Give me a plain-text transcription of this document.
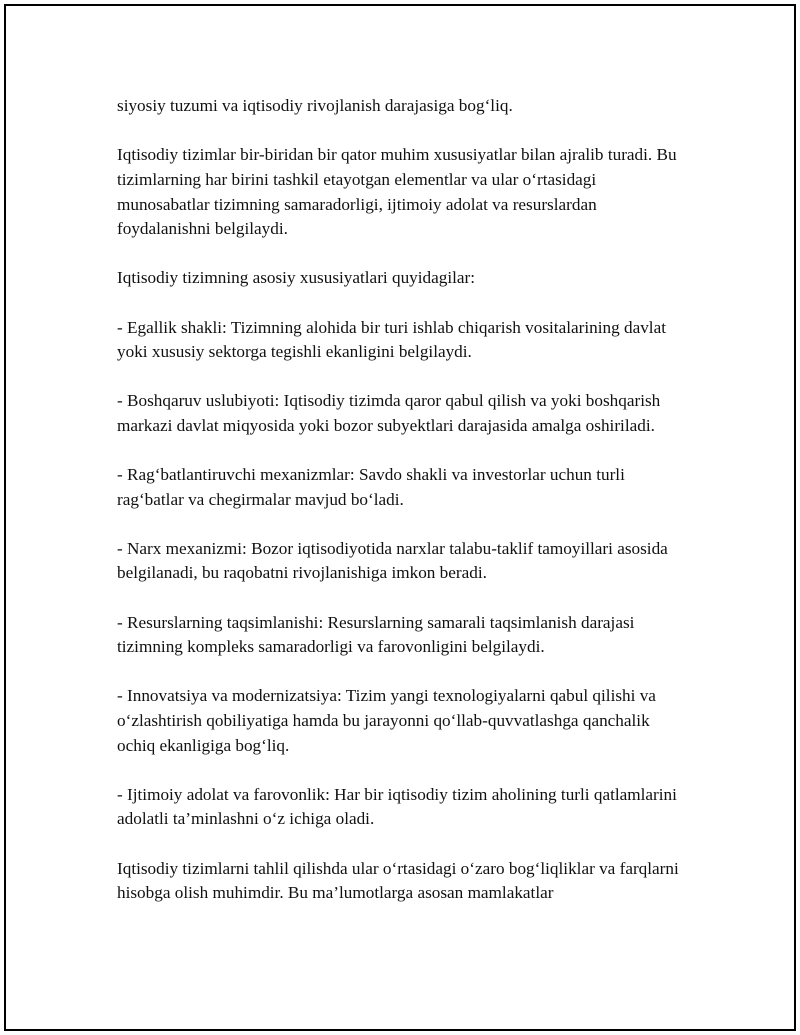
siyosiy tuzumi va iqtisodiy rivojlanish darajasiga bog‘liq.

Iqtisodiy tizimlar bir-biridan bir qator muhim xususiyatlar bilan ajralib turadi. Bu tizimlarning har birini tashkil etayotgan elementlar va ular o‘rtasidagi munosabatlar tizimning samaradorligi, ijtimoiy adolat va resurslardan foydalanishni belgilaydi.

Iqtisodiy tizimning asosiy xususiyatlari quyidagilar:

- Egallik shakli: Tizimning alohida bir turi ishlab chiqarish vositalarining davlat yoki xususiy sektorga tegishli ekanligini belgilaydi.

- Boshqaruv uslubiyoti: Iqtisodiy tizimda qaror qabul qilish va yoki boshqarish markazi davlat miqyosida yoki bozor subyektlari darajasida amalga oshiriladi.

- Rag‘batlantiruvchi mexanizmlar: Savdo shakli va investorlar uchun turli rag‘batlar va chegirmalar mavjud bo‘ladi.

- Narx mexanizmi: Bozor iqtisodiyotida narxlar talabu-taklif tamoyillari asosida belgilanadi, bu raqobatni rivojlanishiga imkon beradi.

- Resurslarning taqsimlanishi: Resurslarning samarali taqsimlanish darajasi tizimning kompleks samaradorligi va farovonligini belgilaydi.

- Innovatsiya va modernizatsiya: Tizim yangi texnologiyalarni qabul qilishi va o‘zlashtirish qobiliyatiga hamda bu jarayonni qo‘llab-quvvatlashga qanchalik ochiq ekanligiga bog‘liq.

- Ijtimoiy adolat va farovonlik: Har bir iqtisodiy tizim aholining turli qatlamlarini adolatli ta’minlashni o‘z ichiga oladi.

Iqtisodiy tizimlarni tahlil qilishda ular o‘rtasidagi o‘zaro bog‘liqliklar va farqlarni hisobga olish muhimdir. Bu ma’lumotlarga asosan mamlakatlar
